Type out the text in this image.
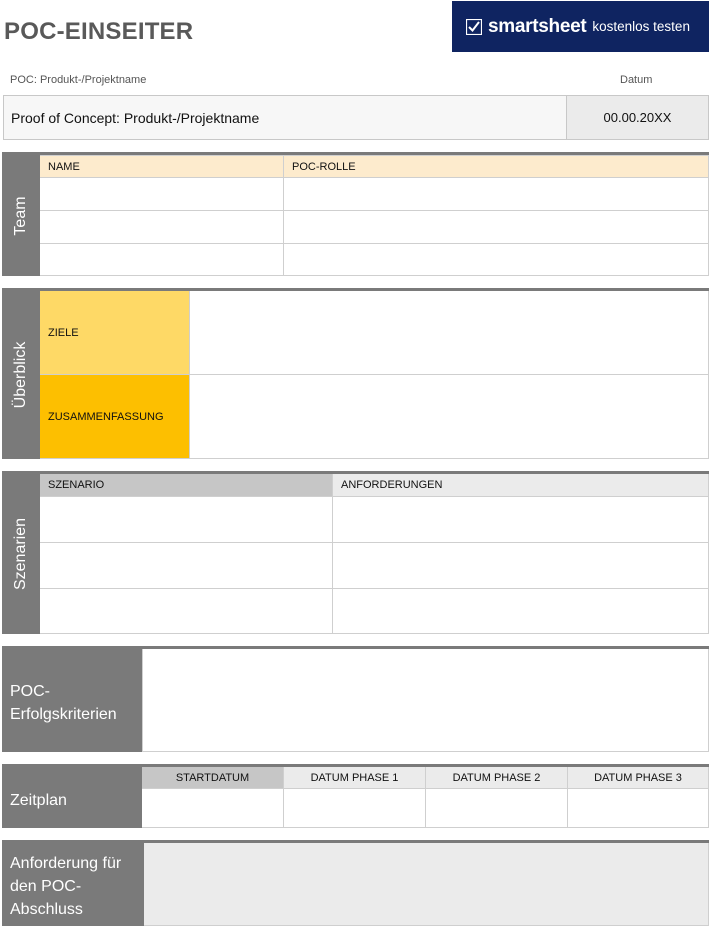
POC-EINSEITER	smartsheet kostenlos testen
POC: Produkt-/Projektname	Datum
Proof of Concept: Produkt-/Projektname	00.00.20XX
Team
NAME	POC-ROLLE
Überblick
ZIELE
ZUSAMMENFASSUNG
Szenarien
SZENARIO	ANFORDERUNGEN
POC-Erfolgskriterien
Zeitplan
STARTDATUM	DATUM PHASE 1	DATUM PHASE 2	DATUM PHASE 3
Anforderung für den POC-Abschluss
